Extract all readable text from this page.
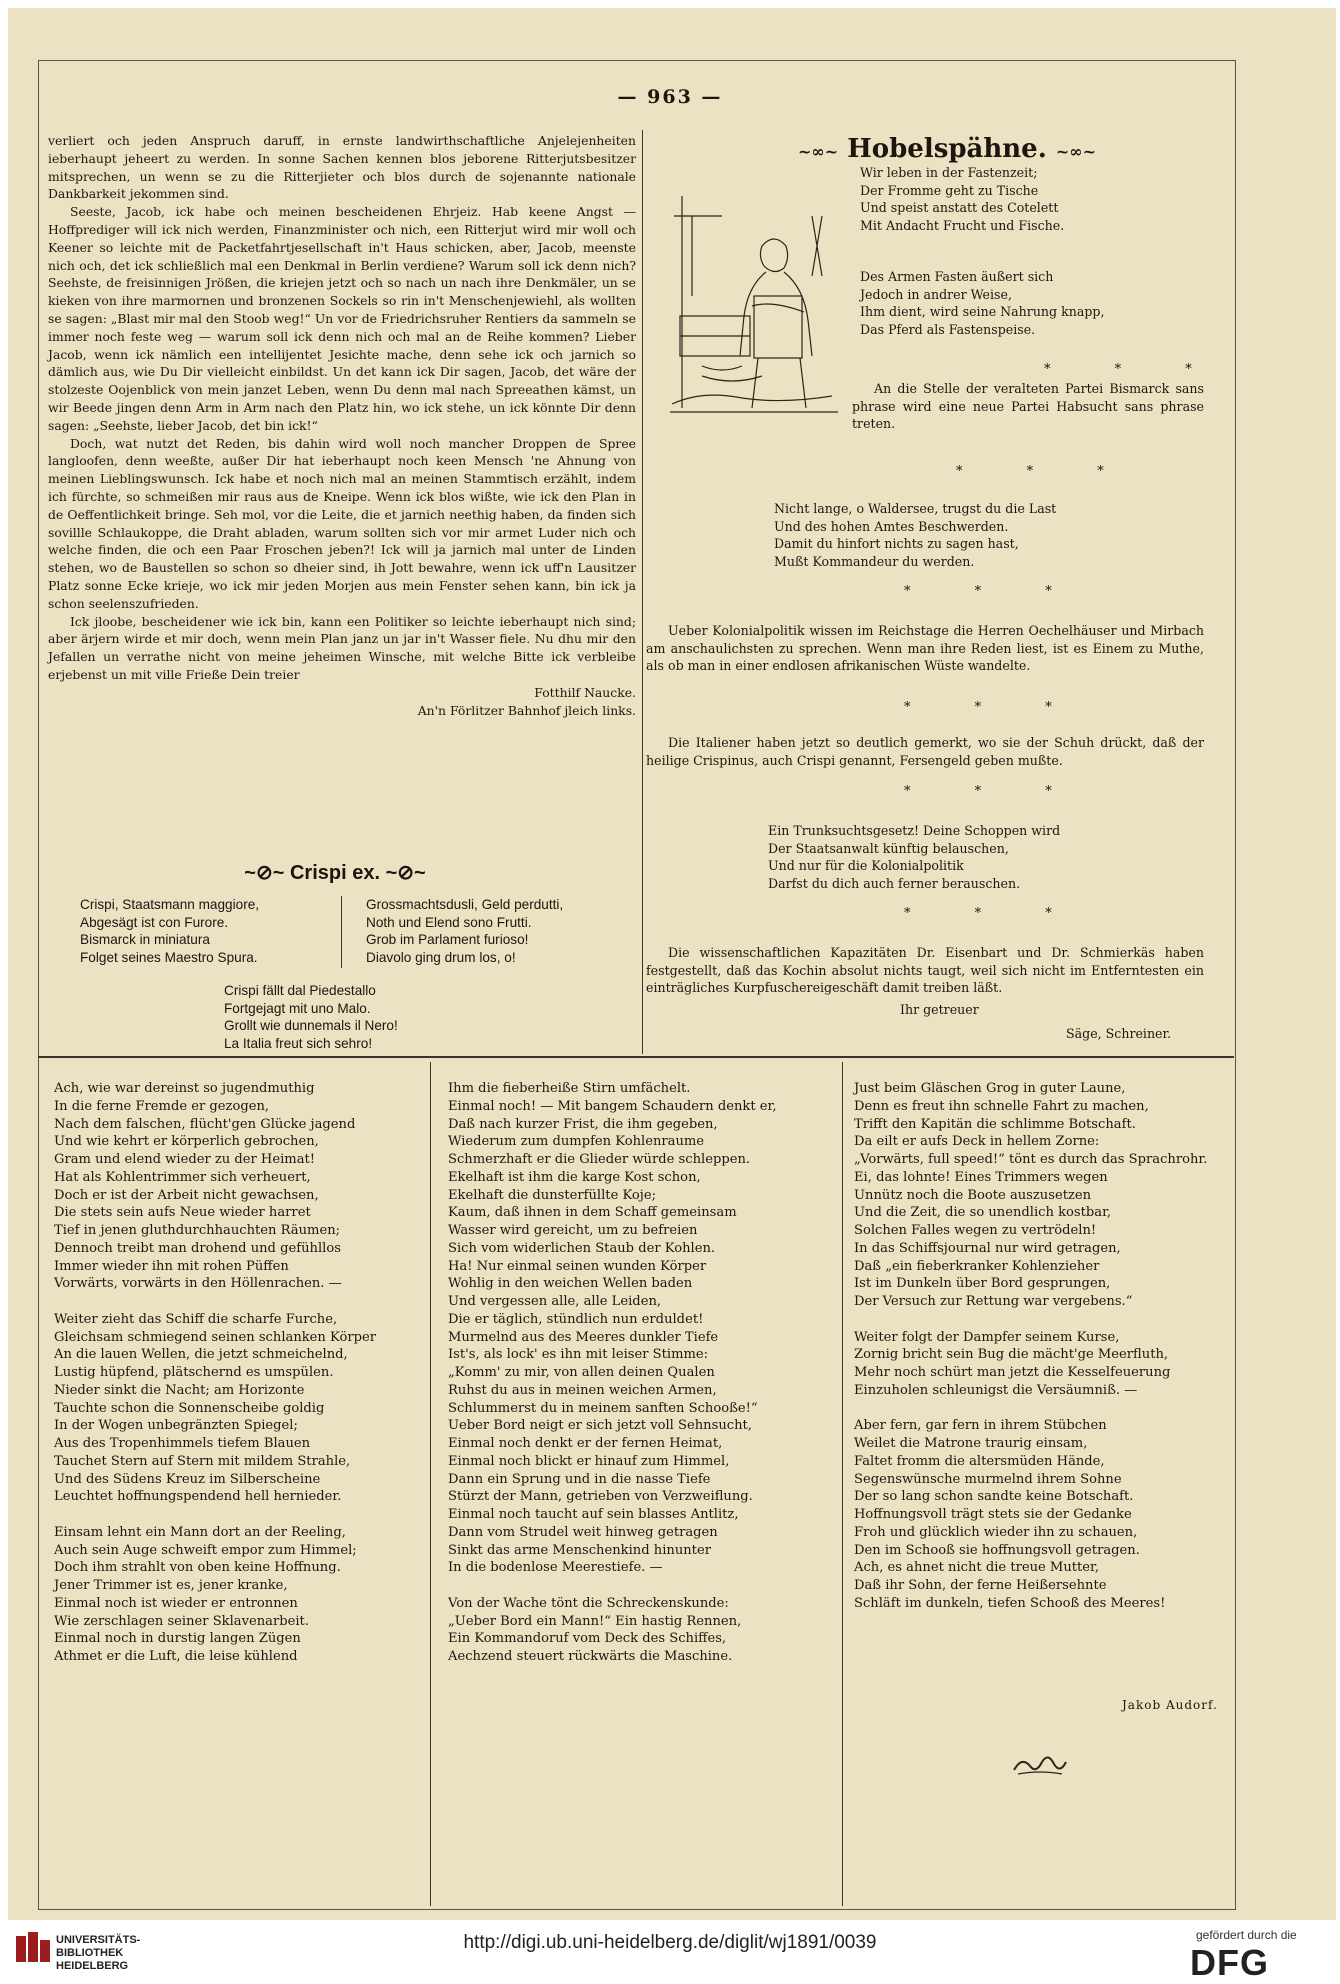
— 963 —

verliert och jeden Anspruch daruff, in ernste landwirthschaftliche Anjelejenheiten ieberhaupt jeheert zu werden. In sonne Sachen kennen blos jeborene Ritterjutsbesitzer mitsprechen, un wenn se zu die Ritterjieter och blos durch de sojenannte nationale Dankbarkeit jekommen sind.

Seeste, Jacob, ick habe och meinen bescheidenen Ehrjeiz. Hab keene Angst — Hoffprediger will ick nich werden, Finanzminister och nich, een Ritterjut wird mir woll och Keener so leichte mit de Packetfahrtjesellschaft in't Haus schicken, aber, Jacob, meenste nich och, det ick schließlich mal een Denkmal in Berlin verdiene? Warum soll ick denn nich? Seehste, de freisinnigen Jrößen, die kriejen jetzt och so nach un nach ihre Denkmäler, un se kieken von ihre marmornen und bronzenen Sockels so rin in't Menschenjewiehl, als wollten se sagen: „Blast mir mal den Stoob weg!“ Un vor de Friedrichsruher Rentiers da sammeln se immer noch feste weg — warum soll ick denn nich och mal an de Reihe kommen? Lieber Jacob, wenn ick nämlich een intellijentet Jesichte mache, denn sehe ick och jarnich so dämlich aus, wie Du Dir vielleicht einbildst. Un det kann ick Dir sagen, Jacob, det wäre der stolzeste Oojenblick von mein janzet Leben, wenn Du denn mal nach Spreeathen kämst, un wir Beede jingen denn Arm in Arm nach den Platz hin, wo ick stehe, un ick könnte Dir denn sagen: „Seehste, lieber Jacob, det bin ick!“

Doch, wat nutzt det Reden, bis dahin wird woll noch mancher Droppen de Spree langloofen, denn weeßte, außer Dir hat ieberhaupt noch keen Mensch 'ne Ahnung von meinen Lieblingswunsch. Ick habe et noch nich mal an meinen Stammtisch erzählt, indem ich fürchte, so schmeißen mir raus aus de Kneipe. Wenn ick blos wißte, wie ick den Plan in de Oeffentlichkeit bringe. Seh mol, vor die Leite, die et jarnich neethig haben, da finden sich sovillle Schlaukoppe, die Draht abladen, warum sollten sich vor mir armet Luder nich och welche finden, die och een Paar Froschen jeben?! Ick will ja jarnich mal unter de Linden stehen, wo de Baustellen so schon so dheier sind, ih Jott bewahre, wenn ick uff'n Lausitzer Platz sonne Ecke krieje, wo ick mir jeden Morjen aus mein Fenster sehen kann, bin ick ja schon seelenszufrieden.

Ick jloobe, bescheidener wie ick bin, kann een Politiker so leichte ieberhaupt nich sind; aber ärjern wirde et mir doch, wenn mein Plan janz un jar in't Wasser fiele. Nu dhu mir den Jefallen un verrathe nicht von meine jeheimen Winsche, mit welche Bitte ick verbleibe erjebenst un mit ville Frieße Dein treier

Fotthilf Naucke.

An'n Förlitzer Bahnhof jleich links.

~⊘~ Crispi ex. ~⊘~
Crispi, Staatsmann maggiore,
Abgesägt ist con Furore.
Bismarck in miniatura
Folget seines Maestro Spura.
Grossmachtsdusli, Geld perdutti,
Noth und Elend sono Frutti.
Grob im Parlament furioso!
Diavolo ging drum los, o!
Crispi fällt dal Piedestallo
Fortgejagt mit uno Malo.
Grollt wie dunnemals il Nero!
La Italia freut sich sehro!
~∞~ Hobelspähne. ~∞~
Wir leben in der Fastenzeit;
Der Fromme geht zu Tische
Und speist anstatt des Cotelett
Mit Andacht Frucht und Fische.
Des Armen Fasten äußert sich
Jedoch in andrer Weise,
Ihm dient, wird seine Nahrung knapp,
Das Pferd als Fastenspeise.
* * *

An die Stelle der veralteten Partei Bismarck sans phrase wird eine neue Partei Habsucht sans phrase treten.

* * *
Nicht lange, o Waldersee, trugst du die Last
Und des hohen Amtes Beschwerden.
Damit du hinfort nichts zu sagen hast,
Mußt Kommandeur du werden.
* * *

Ueber Kolonialpolitik wissen im Reichstage die Herren Oechelhäuser und Mirbach am anschaulichsten zu sprechen. Wenn man ihre Reden liest, ist es Einem zu Muthe, als ob man in einer endlosen afrikanischen Wüste wandelte.

* * *

Die Italiener haben jetzt so deutlich gemerkt, wo sie der Schuh drückt, daß der heilige Crispinus, auch Crispi genannt, Fersengeld geben mußte.

* * *
Ein Trunksuchtsgesetz! Deine Schoppen wird
Der Staatsanwalt künftig belauschen,
Und nur für die Kolonialpolitik
Darfst du dich auch ferner berauschen.
* * *

Die wissenschaftlichen Kapazitäten Dr. Eisenbart und Dr. Schmierkäs haben festgestellt, daß das Kochin absolut nichts taugt, weil sich nicht im Entferntesten ein einträgliches Kurpfuschereigeschäft damit treiben läßt.

Ihr getreuer
Säge, Schreiner.
Ach, wie war dereinst so jugendmuthig
In die ferne Fremde er gezogen,
Nach dem falschen, flücht'gen Glücke jagend
Und wie kehrt er körperlich gebrochen,
Gram und elend wieder zu der Heimat!
Hat als Kohlentrimmer sich verheuert,
Doch er ist der Arbeit nicht gewachsen,
Die stets sein aufs Neue wieder harret
Tief in jenen gluthdurchhauchten Räumen;
Dennoch treibt man drohend und gefühllos
Immer wieder ihn mit rohen Püffen
Vorwärts, vorwärts in den Höllenrachen. —
Weiter zieht das Schiff die scharfe Furche,
Gleichsam schmiegend seinen schlanken Körper
An die lauen Wellen, die jetzt schmeichelnd,
Lustig hüpfend, plätschernd es umspülen.
Nieder sinkt die Nacht; am Horizonte
Tauchte schon die Sonnenscheibe goldig
In der Wogen unbegränzten Spiegel;
Aus des Tropenhimmels tiefem Blauen
Tauchet Stern auf Stern mit mildem Strahle,
Und des Südens Kreuz im Silberscheine
Leuchtet hoffnungspendend hell hernieder.
Einsam lehnt ein Mann dort an der Reeling,
Auch sein Auge schweift empor zum Himmel;
Doch ihm strahlt von oben keine Hoffnung.
Jener Trimmer ist es, jener kranke,
Einmal noch ist wieder er entronnen
Wie zerschlagen seiner Sklavenarbeit.
Einmal noch in durstig langen Zügen
Athmet er die Luft, die leise kühlend
Ihm die fieberheiße Stirn umfächelt.
Einmal noch! — Mit bangem Schaudern denkt er,
Daß nach kurzer Frist, die ihm gegeben,
Wiederum zum dumpfen Kohlenraume
Schmerzhaft er die Glieder würde schleppen.
Ekelhaft ist ihm die karge Kost schon,
Ekelhaft die dunsterfüllte Koje;
Kaum, daß ihnen in dem Schaff gemeinsam
Wasser wird gereicht, um zu befreien
Sich vom widerlichen Staub der Kohlen.
Ha! Nur einmal seinen wunden Körper
Wohlig in den weichen Wellen baden
Und vergessen alle, alle Leiden,
Die er täglich, stündlich nun erduldet!
Murmelnd aus des Meeres dunkler Tiefe
Ist's, als lock' es ihn mit leiser Stimme:
„Komm' zu mir, von allen deinen Qualen
Ruhst du aus in meinen weichen Armen,
Schlummerst du in meinem sanften Schooße!“
Ueber Bord neigt er sich jetzt voll Sehnsucht,
Einmal noch denkt er der fernen Heimat,
Einmal noch blickt er hinauf zum Himmel,
Dann ein Sprung und in die nasse Tiefe
Stürzt der Mann, getrieben von Verzweiflung.
Einmal noch taucht auf sein blasses Antlitz,
Dann vom Strudel weit hinweg getragen
Sinkt das arme Menschenkind hinunter
In die bodenlose Meerestiefe. —
Von der Wache tönt die Schreckenskunde:
„Ueber Bord ein Mann!“ Ein hastig Rennen,
Ein Kommandoruf vom Deck des Schiffes,
Aechzend steuert rückwärts die Maschine.
Just beim Gläschen Grog in guter Laune,
Denn es freut ihn schnelle Fahrt zu machen,
Trifft den Kapitän die schlimme Botschaft.
Da eilt er aufs Deck in hellem Zorne:
„Vorwärts, full speed!“ tönt es durch das Sprachrohr.
Ei, das lohnte! Eines Trimmers wegen
Unnütz noch die Boote auszusetzen
Und die Zeit, die so unendlich kostbar,
Solchen Falles wegen zu vertrödeln!
In das Schiffsjournal nur wird getragen,
Daß „ein fieberkranker Kohlenzieher
Ist im Dunkeln über Bord gesprungen,
Der Versuch zur Rettung war vergebens.“
Weiter folgt der Dampfer seinem Kurse,
Zornig bricht sein Bug die mächt'ge Meerfluth,
Mehr noch schürt man jetzt die Kesselfeuerung
Einzuholen schleunigst die Versäumniß. —
Aber fern, gar fern in ihrem Stübchen
Weilet die Matrone traurig einsam,
Faltet fromm die altersmüden Hände,
Segenswünsche murmelnd ihrem Sohne
Der so lang schon sandte keine Botschaft.
Hoffnungsvoll trägt stets sie der Gedanke
Froh und glücklich wieder ihn zu schauen,
Den im Schooß sie hoffnungsvoll getragen.
Ach, es ahnet nicht die treue Mutter,
Daß ihr Sohn, der ferne Heißersehnte
Schläft im dunkeln, tiefen Schooß des Meeres!
Jakob Audorf.
UNIVERSITÄTS-
BIBLIOTHEK
HEIDELBERG
http://digi.ub.uni-heidelberg.de/diglit/wj1891/0039	gefördert durch die
DFG
